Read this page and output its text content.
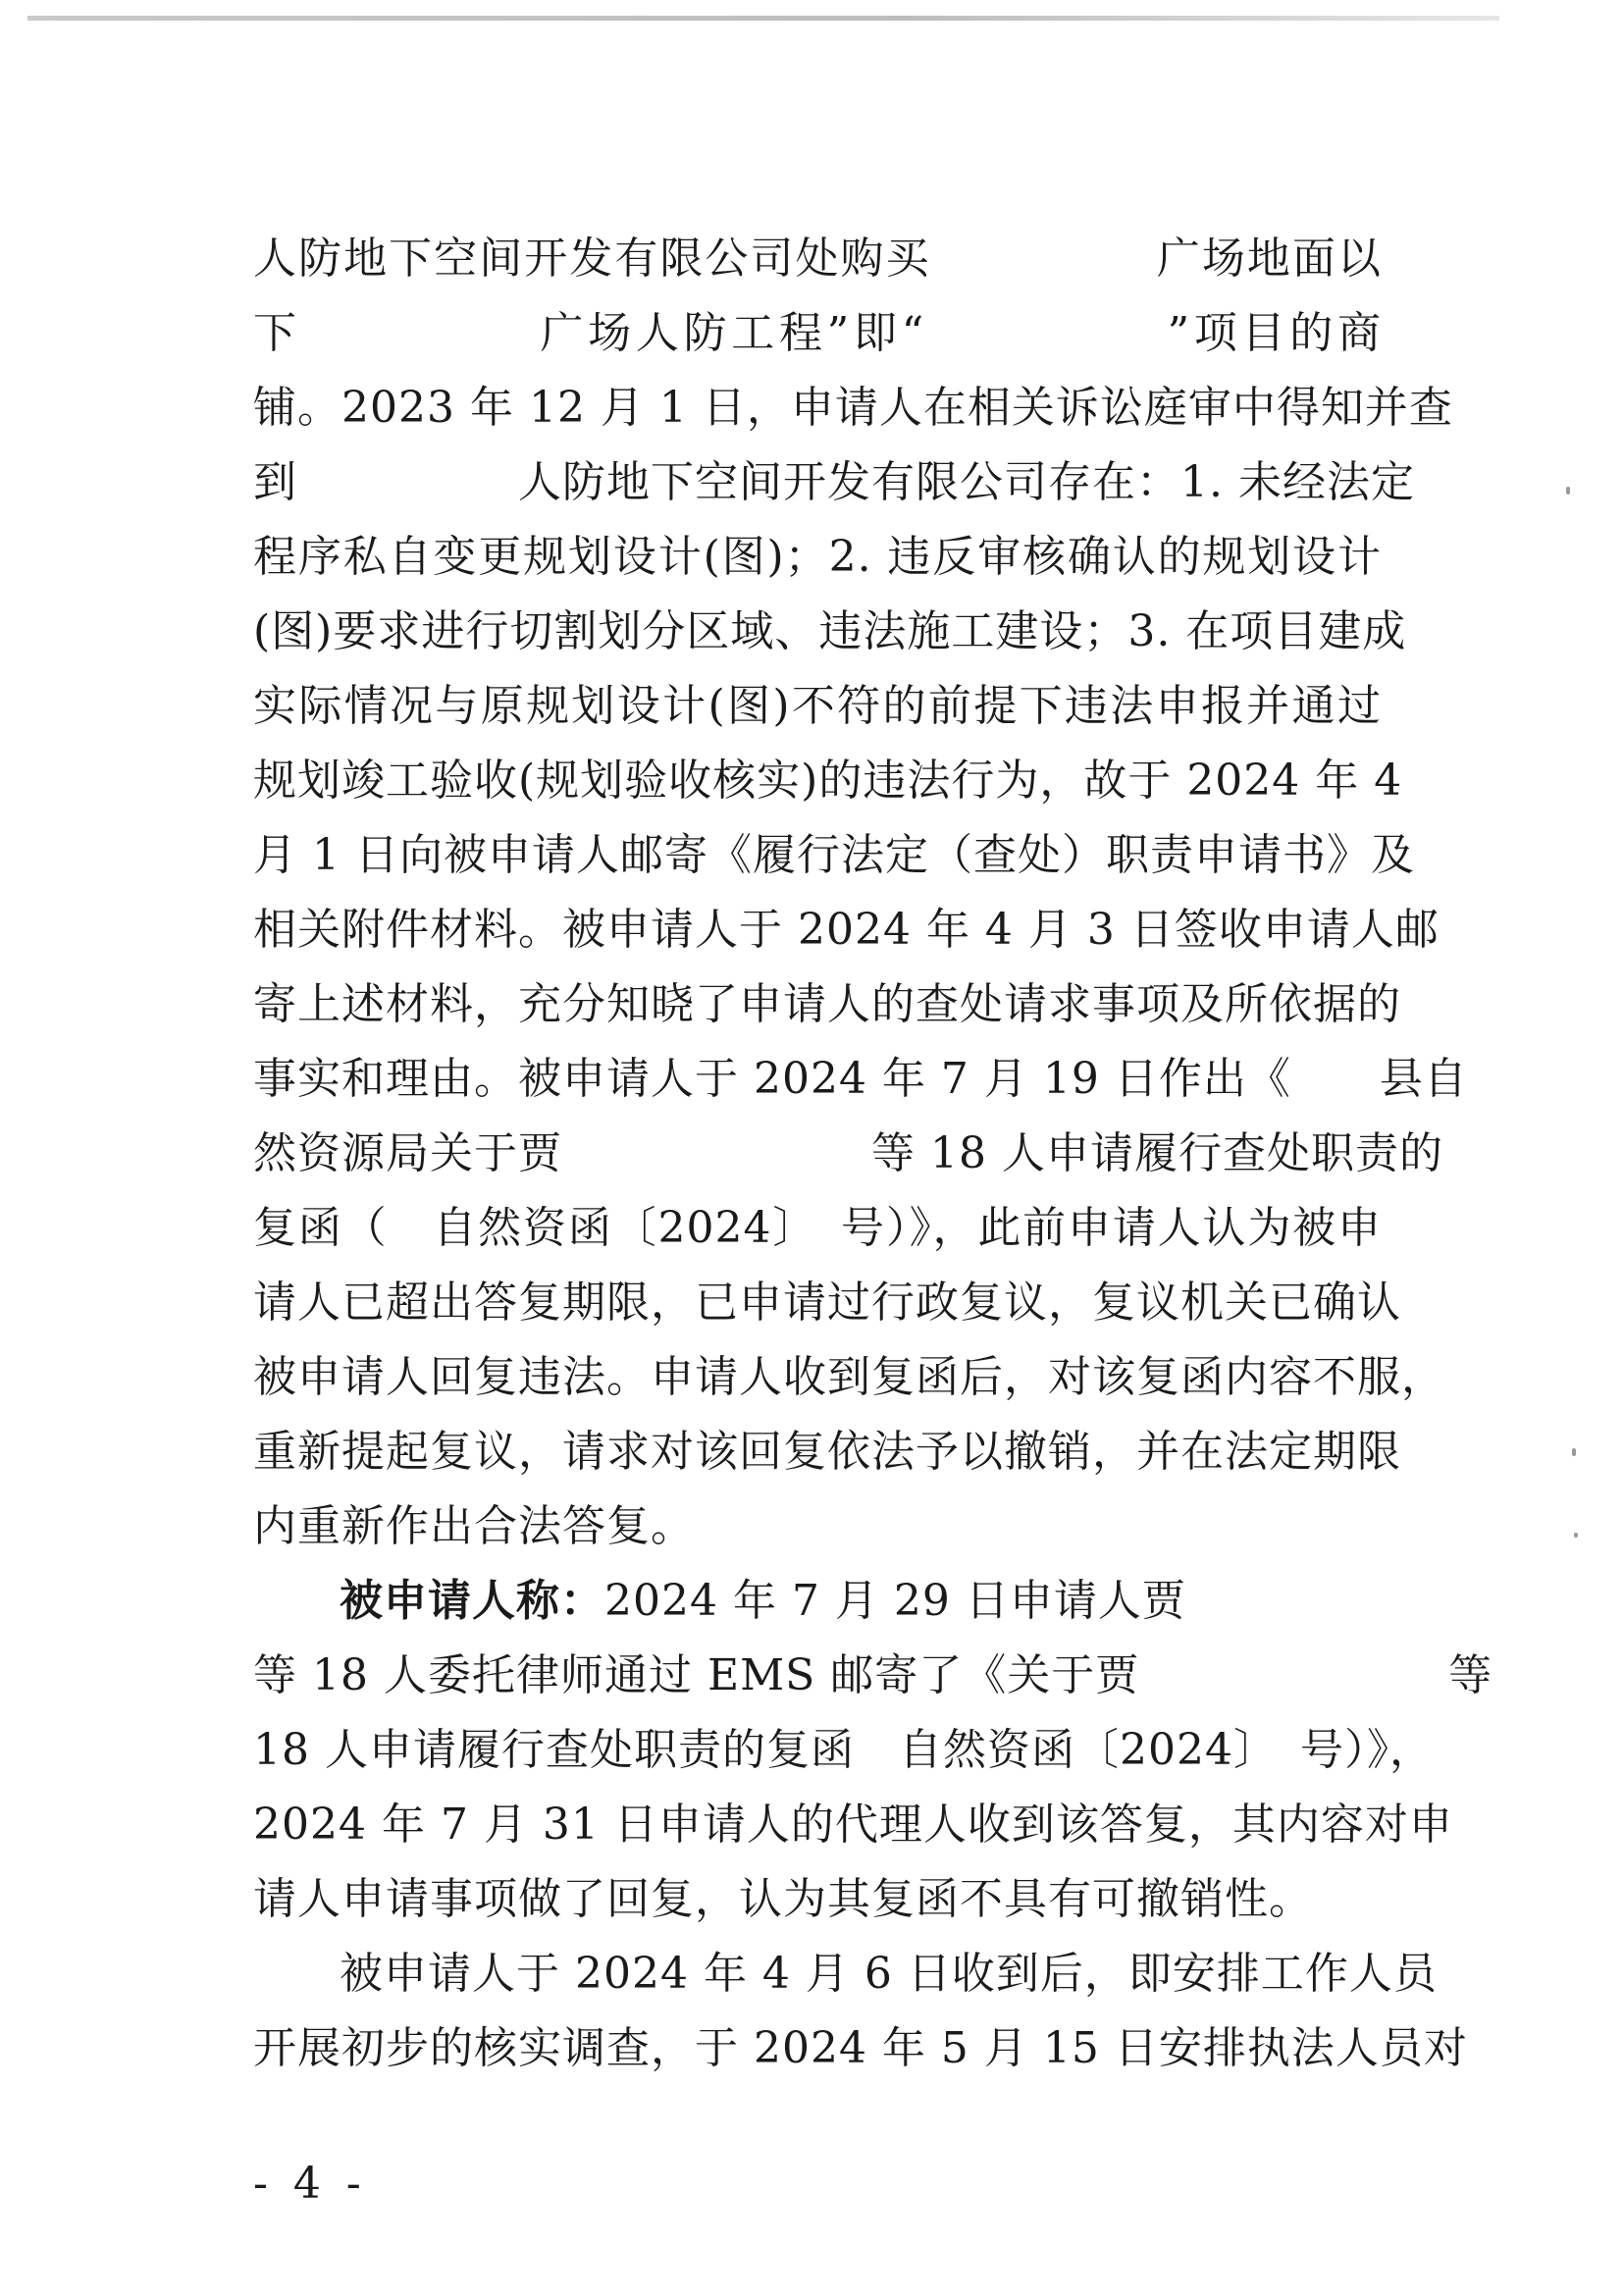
人防地下空间开发有限公司处购买　　　　　广场地面以
下　　　　　广场人防工程”即“　　　　　”项目的商
铺。2023 年 12 月 1 日，申请人在相关诉讼庭审中得知并查
到　　　　　人防地下空间开发有限公司存在：1. 未经法定
程序私自变更规划设计(图)；2. 违反审核确认的规划设计
(图)要求进行切割划分区域、违法施工建设；3. 在项目建成
实际情况与原规划设计(图)不符的前提下违法申报并通过
规划竣工验收(规划验收核实)的违法行为，故于 2024 年 4
月 1 日向被申请人邮寄《履行法定（查处）职责申请书》及
相关附件材料。被申请人于 2024 年 4 月 3 日签收申请人邮
寄上述材料，充分知晓了申请人的查处请求事项及所依据的
事实和理由。被申请人于 2024 年 7 月 19 日作出《　　县自
然资源局关于贾　　　　　　　等 18 人申请履行查处职责的
复函（　自然资函〔2024〕　号）》，此前申请人认为被申
请人已超出答复期限，已申请过行政复议，复议机关已确认
被申请人回复违法。申请人收到复函后，对该复函内容不服，
重新提起复议，请求对该回复依法予以撤销，并在法定期限
内重新作出合法答复。
被申请人称：2024 年 7 月 29 日申请人贾
等 18 人委托律师通过 EMS 邮寄了《关于贾　　　　　　　等
18 人申请履行查处职责的复函　自然资函〔2024〕　号）》，
2024 年 7 月 31 日申请人的代理人收到该答复，其内容对申
请人申请事项做了回复，认为其复函不具有可撤销性。
被申请人于 2024 年 4 月 6 日收到后，即安排工作人员
开展初步的核实调查，于 2024 年 5 月 15 日安排执法人员对
- 4 -
